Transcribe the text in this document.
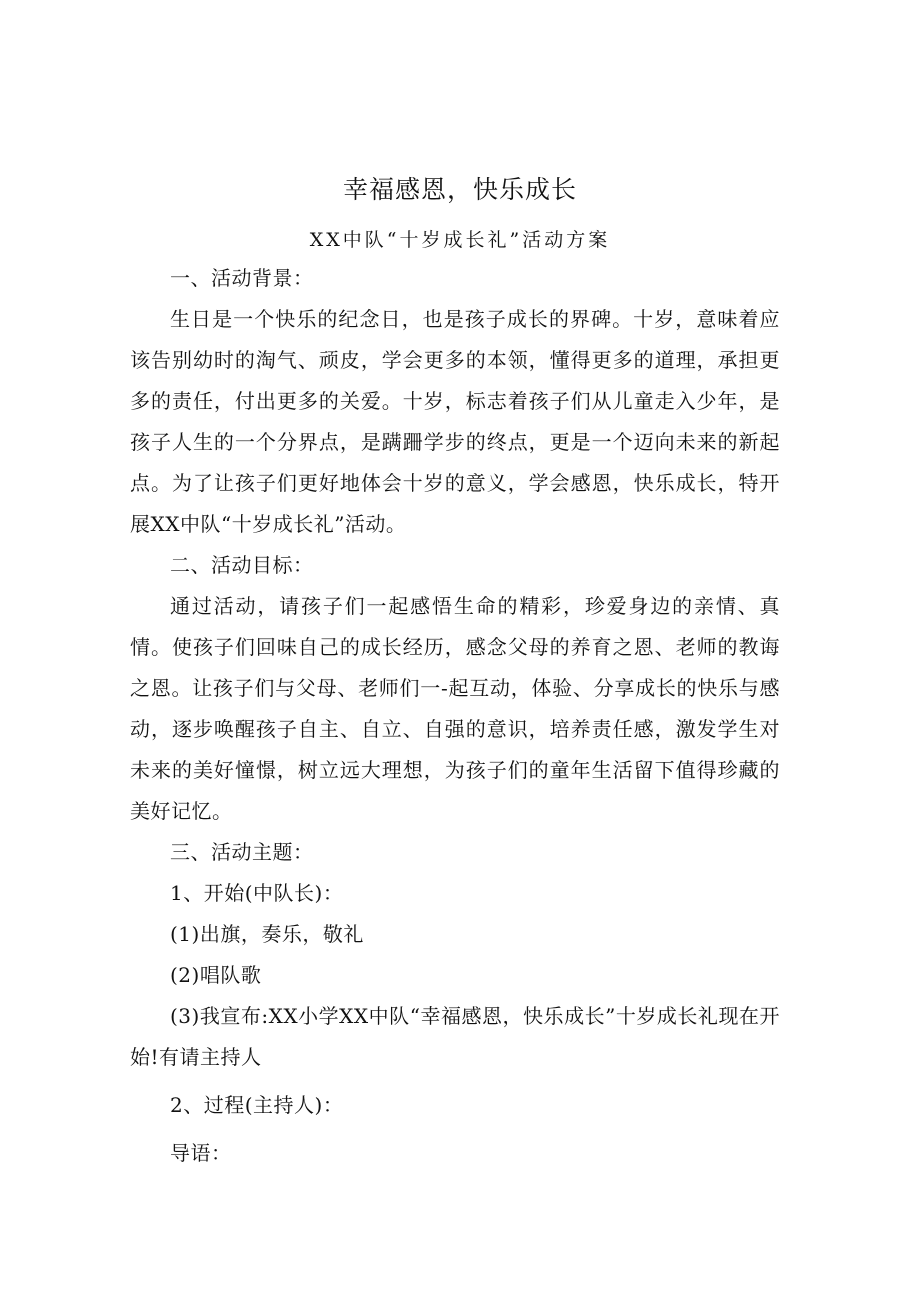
幸福感恩，快乐成长
XX中队“十岁成长礼”活动方案

一、活动背景：

生日是一个快乐的纪念日，也是孩子成长的界碑。十岁，意味着应该告别幼时的淘气、顽皮，学会更多的本领，懂得更多的道理，承担更多的责任，付出更多的关爱。十岁，标志着孩子们从儿童走入少年，是孩子人生的一个分界点，是蹒跚学步的终点，更是一个迈向未来的新起点。为了让孩子们更好地体会十岁的意义，学会感恩，快乐成长，特开展XX中队“十岁成长礼”活动。

二、活动目标：

通过活动，请孩子们一起感悟生命的精彩，珍爱身边的亲情、真情。使孩子们回味自己的成长经历，感念父母的养育之恩、老师的教诲之恩。让孩子们与父母、老师们一-起互动，体验、分享成长的快乐与感动，逐步唤醒孩子自主、自立、自强的意识，培养责任感，激发学生对未来的美好憧憬，树立远大理想，为孩子们的童年生活留下值得珍藏的美好记忆。

三、活动主题：

1、开始(中队长)：

(1)出旗，奏乐，敬礼

(2)唱队歌

(3)我宣布:XX小学XX中队“幸福感恩，快乐成长”十岁成长礼现在开始!有请主持人

2、过程(主持人)：

导语：
